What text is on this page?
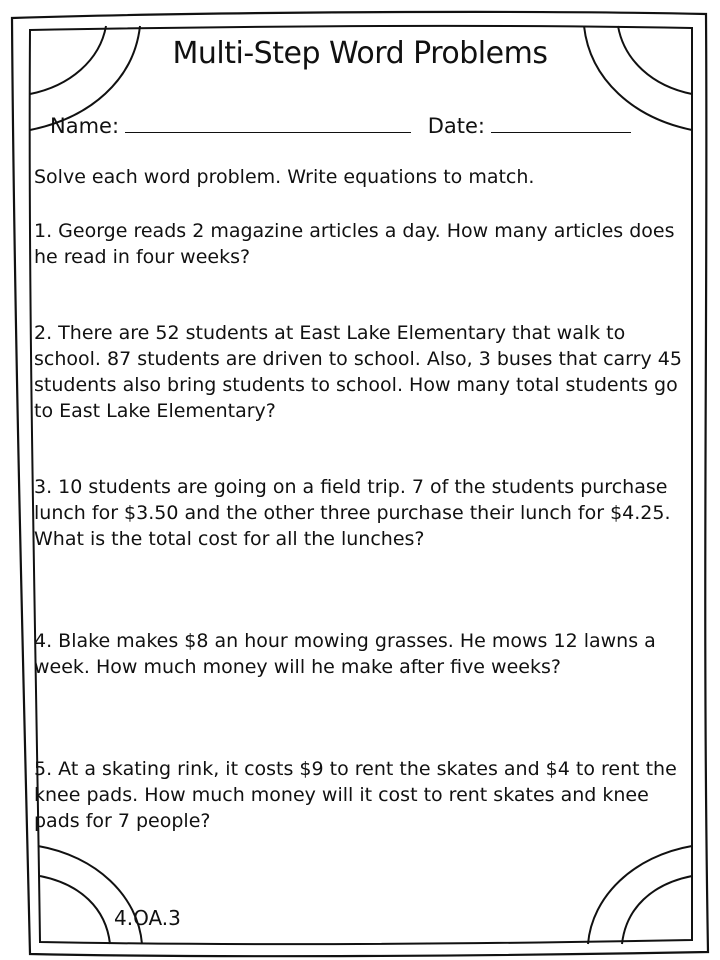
Multi-Step Word Problems
Name:	Date:
Solve each word problem. Write equations to match.
1. George reads 2 magazine articles a day. How many articles does he read in four weeks?
2. There are 52 students at East Lake Elementary that walk to school. 87 students are driven to school. Also, 3 buses that carry 45 students also bring students to school. How many total students go to East Lake Elementary?
3. 10 students are going on a field trip. 7 of the students purchase lunch for $3.50 and the other three purchase their lunch for $4.25. What is the total cost for all the lunches?
4. Blake makes $8 an hour mowing grasses. He mows 12 lawns a week. How much money will he make after five weeks?
5. At a skating rink, it costs $9 to rent the skates and $4 to rent the knee pads. How much money will it cost to rent skates and knee pads for 7 people?
4.OA.3
